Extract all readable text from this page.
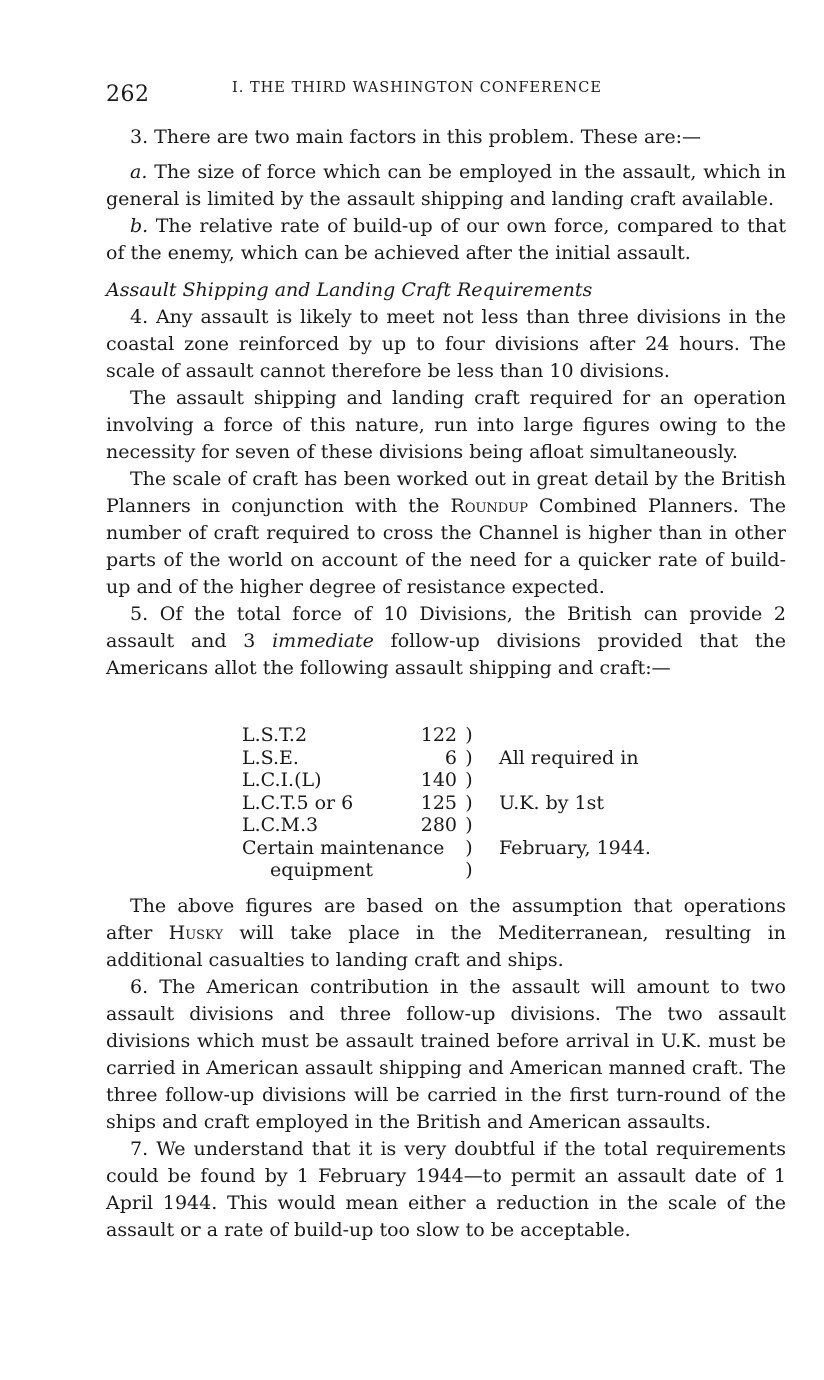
262	I. THE THIRD WASHINGTON CONFERENCE

3. There are two main factors in this problem. These are:—

a. The size of force which can be employed in the assault, which in general is limited by the assault shipping and landing craft available.

b. The relative rate of build-up of our own force, compared to that of the enemy, which can be achieved after the initial assault.

Assault Shipping and Landing Craft Requirements

4. Any assault is likely to meet not less than three divisions in the coastal zone reinforced by up to four divisions after 24 hours. The scale of assault cannot therefore be less than 10 divisions.

The assault shipping and landing craft required for an operation involving a force of this nature, run into large figures owing to the necessity for seven of these divisions being afloat simultaneously.

The scale of craft has been worked out in great detail by the British Planners in conjunction with the Roundup Combined Planners. The number of craft required to cross the Channel is higher than in other parts of the world on account of the need for a quicker rate of build-up and of the higher degree of resistance expected.

5. Of the total force of 10 Divisions, the British can provide 2 assault and 3 immediate follow-up divisions provided that the Americans allot the following assault shipping and craft:—

L.S.T.2	122	)	
L.S.E.	6	)	All required in
L.C.I.(L)	140	)	
L.C.T.5 or 6	125	)	U.K. by 1st
L.C.M.3	280	)	
Certain maintenance		)	February, 1944.
equipment		)	

The above figures are based on the assumption that operations after Husky will take place in the Mediterranean, resulting in additional casualties to landing craft and ships.

6. The American contribution in the assault will amount to two assault divisions and three follow-up divisions. The two assault divisions which must be assault trained before arrival in U.K. must be carried in American assault shipping and American manned craft. The three follow-up divisions will be carried in the first turn-round of the ships and craft employed in the British and American assaults.

7. We understand that it is very doubtful if the total requirements could be found by 1 February 1944—to permit an assault date of 1 April 1944. This would mean either a reduction in the scale of the assault or a rate of build-up too slow to be acceptable.
